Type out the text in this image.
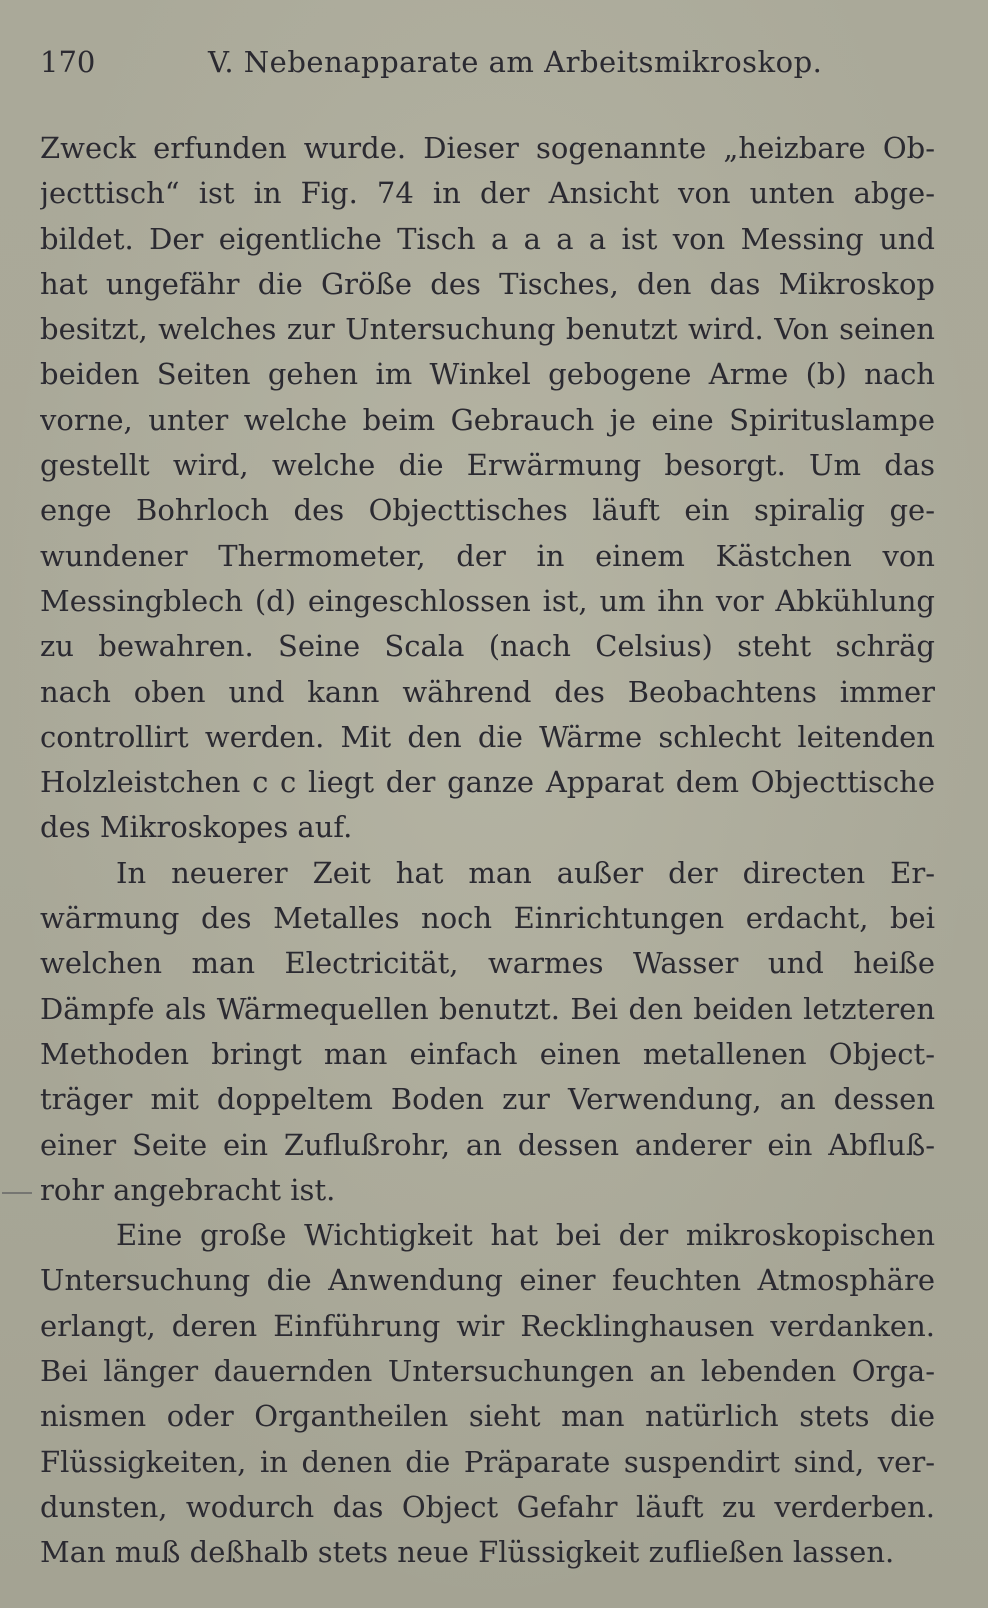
170	V. Nebenapparate am Arbeitsmikroskop.
Zweck erfunden wurde. Dieser sogenannte „heizbare Ob-
jecttisch“ ist in Fig. 74 in der Ansicht von unten abge-
bildet. Der eigentliche Tisch a a a a ist von Messing und
hat ungefähr die Größe des Tisches, den das Mikroskop
besitzt, welches zur Untersuchung benutzt wird. Von seinen
beiden Seiten gehen im Winkel gebogene Arme (b) nach
vorne, unter welche beim Gebrauch je eine Spirituslampe
gestellt wird, welche die Erwärmung besorgt. Um das
enge Bohrloch des Objecttisches läuft ein spiralig ge-
wundener Thermometer, der in einem Kästchen von
Messingblech (d) eingeschlossen ist, um ihn vor Abkühlung
zu bewahren. Seine Scala (nach Celsius) steht schräg
nach oben und kann während des Beobachtens immer
controllirt werden. Mit den die Wärme schlecht leitenden
Holzleistchen c c liegt der ganze Apparat dem Objecttische
des Mikroskopes auf.
In neuerer Zeit hat man außer der directen Er-
wärmung des Metalles noch Einrichtungen erdacht, bei
welchen man Electricität, warmes Wasser und heiße
Dämpfe als Wärmequellen benutzt. Bei den beiden letzteren
Methoden bringt man einfach einen metallenen Object-
träger mit doppeltem Boden zur Verwendung, an dessen
einer Seite ein Zuflußrohr, an dessen anderer ein Abfluß-
rohr angebracht ist.
Eine große Wichtigkeit hat bei der mikroskopischen
Untersuchung die Anwendung einer feuchten Atmosphäre
erlangt, deren Einführung wir Recklinghausen verdanken.
Bei länger dauernden Untersuchungen an lebenden Orga-
nismen oder Organtheilen sieht man natürlich stets die
Flüssigkeiten, in denen die Präparate suspendirt sind, ver-
dunsten, wodurch das Object Gefahr läuft zu verderben.
Man muß deßhalb stets neue Flüssigkeit zufließen lassen.
